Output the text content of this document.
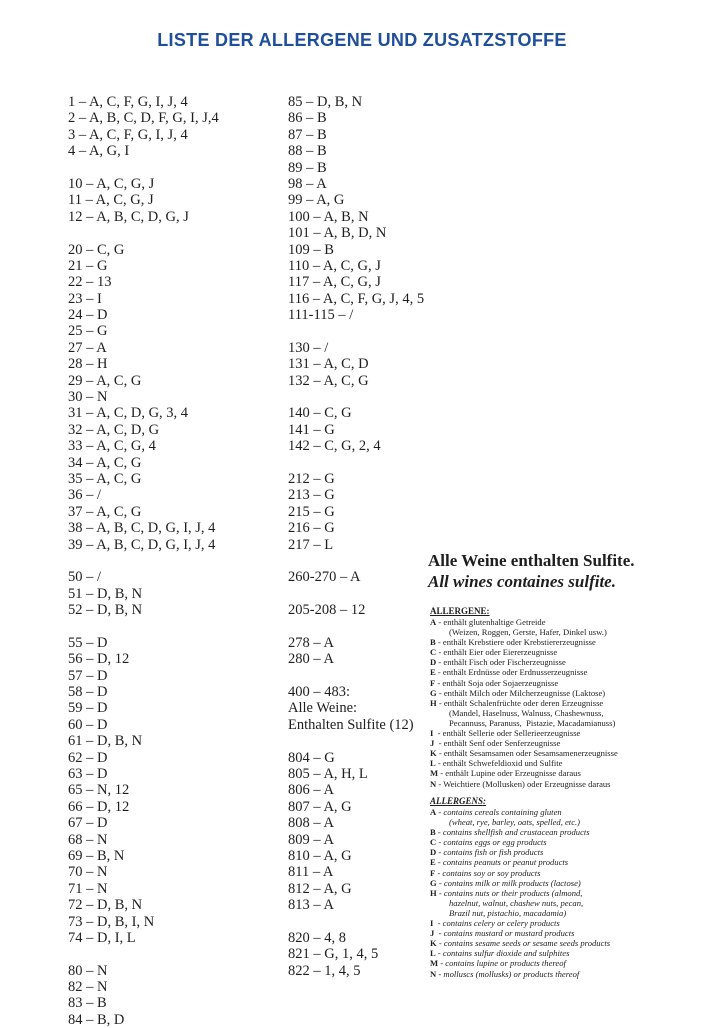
LISTE DER ALLERGENE UND ZUSATZSTOFFE
1 – A, C, F, G, I, J, 4
2 – A, B, C, D, F, G, I, J,4
3 – A, C, F, G, I, J, 4
4 – A, G, I
10 – A, C, G, J
11 – A, C, G, J
12 – A, B, C, D, G, J
20 – C, G
21 – G
22 – 13
23 – I
24 – D
25 – G
27 – A
28 – H
29 – A, C, G
30 – N
31 – A, C, D, G, 3, 4
32 – A, C, D, G
33 – A, C, G, 4
34 – A, C, G
35 – A, C, G
36 – /
37 – A, C, G
38 – A, B, C, D, G, I, J, 4
39 – A, B, C, D, G, I, J, 4
50 – /
51 – D, B, N
52 – D, B, N
55 – D
56 – D, 12
57 – D
58 – D
59 – D
60 – D
61 – D, B, N
62 – D
63 – D
65 – N, 12
66 – D, 12
67 – D
68 – N
69 – B, N
70 – N
71 – N
72 – D, B, N
73 – D, B, I, N
74 – D, I, L
80 – N
82 – N
83 – B
84 – B, D
85 – D, B, N
86 – B
87 – B
88 – B
89 – B
98 – A
99 – A, G
100 – A, B, N
101 – A, B, D, N
109 – B
110 – A, C, G, J
117 – A, C, G, J
116 – A, C, F, G, J, 4, 5
111-115 – /
130 – /
131 – A, C, D
132 – A, C, G
140 – C, G
141 – G
142 – C, G, 2, 4
212 – G
213 – G
215 – G
216 – G
217 – L
260-270 – A
205-208 – 12
278 – A
280 – A
400 – 483:
Alle Weine:
Enthalten Sulfite (12)
804 – G
805 – A, H, L
806 – A
807 – A, G
808 – A
809 – A
810 – A, G
811 – A
812 – A, G
813 – A
820 – 4, 8
821 – G, 1, 4, 5
822 – 1, 4, 5
Alle Weine enthalten Sulfite.
All wines containes sulfite.
ALLERGENE:
A - enthält glutenhaltige Getreide
(Weizen, Roggen, Gerste, Hafer, Dinkel usw.)
B - enthält Krebstiere oder Krebstiererzeugnisse
C - enthält Eier oder Eiererzeugnisse
D - enthält Fisch oder Fischerzeugnisse
E - enthält Erdnüsse oder Erdnusserzeugnisse
F - enthält Soja oder Sojaerzeugnisse
G - enthält Milch oder Milcherzeugnisse (Laktose)
H - enthält Schalenfrüchte oder deren Erzeugnisse
(Mandel, Haselnuss, Walnuss, Chashewnuss,
Pecannuss, Paranuss,  Pistazie, Macadamianuss)
I  - enthält Sellerie oder Sellerieerzeugnisse
J  - enthält Senf oder Senferzeugnisse
K - enthält Sesamsamen oder Sesamsamenerzeugnisse
L - enthält Schwefeldioxid und Sulfite
M - enthält Lupine oder Erzeugnisse daraus
N - Weichtiere (Mollusken) oder Erzeugnisse daraus
ALLERGENS:
A - contains cereals containing gluten
(wheat, rye, barley, oats, spelled, etc.)
B - contains shellfish and crustacean products
C - contains eggs or egg products
D - contains fish or fish products
E - contains peanuts or peanut products
F - contains soy or soy products
G - contains milk or milk products (lactose)
H - contains nuts or their products (almond,
hazelnut, walnut, chashew nuts, pecan,
Brazil nut, pistachio, macadamia)
I  - contains celery or celery products
J  - contains mustard or mustard products
K - contains sesame seeds or sesame seeds products
L - contains sulfur dioxide and sulphites
M - contains lupine or products thereof
N - molluscs (mollusks) or products thereof
